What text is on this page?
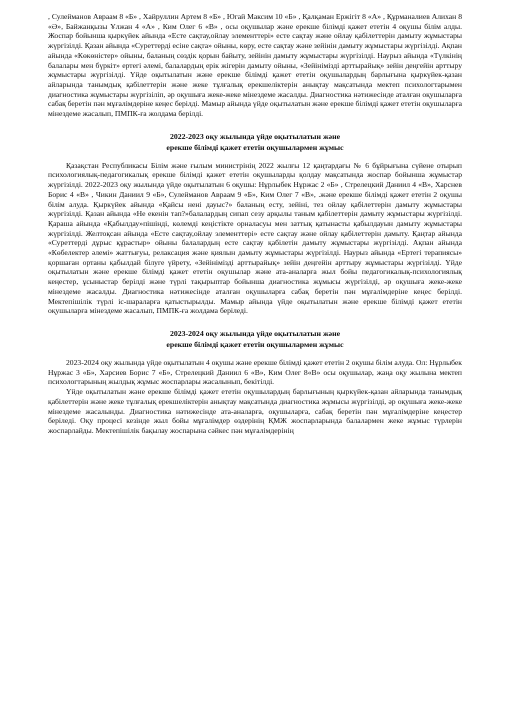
, Сулейманов Авраам 8 «Б» , Хайруллин Артем 8 «Б» , Югай Максим 10 «Б» , Қалқаман Ержігіт 8 «А» , Құрманалиев Алихан 8 «Ә», Байжанқызы Ұлжан 4 «А» , Ким Олег 6 «В» , осы оқушылар және ерекше білімді қажет ететін 4 оқушы білім алды. Жоспар бойынша қыркүйек айында «Есте сақтау,ойлау элементтері» есте сақтау және ойлау қабілеттерін дамыту жұмыстары жүргізілді. Қазан айында «Суреттерді есіне сақта» ойыны, көру, есте сақтау және зейінін дамыту жұмыстары жүргізілді. Ақпан айында «Көкөністер» ойыны, баланың сөздік қорын байыту, зейінін дамыту жұмыстары жүргізілді. Наурыз айында «Түлкінің балалары мен бүркіт» ертегі әлемі, балалардың ерік жігерін дамыту ойыны, «Зейінімізді арттырайық» зейін деңгейін арттыру жұмыстары жүргізілді. Үйде оқытылатын және ерекше білімді қажет ететін оқушылардың барлығына қыркүйек-қазан айларында танымдық қабілеттерін және жеке тұлғалық ерекшеліктерін анықтау мақсатында мектеп психологтарымен диагностика жұмыстары жүргізіліп, әр оқушыға жеке-жеке мінездеме жасалды. Диагностика нәтижесінде аталған оқушыларға сабақ беретін пән мұғалімдеріне кеңес берілді. Мамыр айында үйде оқытылатын және ерекше білімді қажет ететін оқушыларға мінездеме жасалып, ПМПК-ға жолдама берілді.

2022-2023 оқу жылында үйде оқытылатын және
ерекше білімді қажет ететін оқушылармен жұмыс

Қазақстан Республикасы Білім және ғылым министрінің 2022 жылғы 12 қаңтардағы № 6 бұйрығына сүйене отырып психологиялық-педагогикалық ерекше білімді қажет ететін оқушыларды қолдау мақсатында жоспар бойынша жұмыстар жүргізілді. 2022-2023 оқу жылында үйде оқытылатын 6 оқушы: Нұрлыбек Нұржас 2 «Б» , Стрелецкий Даниил 4 «В», Харснев Борис 4 «В» , Чикин Даниил 9 «Б», Сулейманов Авраам 9 «Б», Ким Олег 7 «В», .және ерекше білімді қажет ететін 2 оқушы білім алуда. Қыркүйек айында «Қайсы нені дауыс?» баланың есту, зейіні, тез ойлау қабілеттерін дамыту жұмыстары жүргізілді. Қазан айында «Не екенін тап?»балалардың сипап сезу арқылы таным қабілеттерін дамыту жұмыстары жүргізілді. Қараша айында «Қабылдау»пішінді, көлемді кеңістікте орналасуы мен заттық қатынасты қабылдауын дамыту жұмыстары жүргізілді. Желтоқсан айында «Есте сақтау,ойлау элементтері» есте сақтау және ойлау қабілеттерін дамыту. Қаңтар айында «Суреттерді дұрыс құрастыр» ойыны балалардың есте сақтау қабілетін дамыту жұмыстары жүргізілді. Ақпан айында «Көбелектер әлемі» жаттығуы, релаксация және қиялын дамыту жұмыстары жүргізілді. Наурыз айында «Ертегі терапиясы» қоршаған ортаны қабылдай білуге үйрету, «Зейінімізді арттырайық» зейін деңгейін арттыру жұмыстары жүргізілді. Үйде оқытылатын және ерекше білімді қажет ететін оқушылар және ата-аналарға жыл бойы педагогикалық-психологиялық кеңестер, ұсыныстар берілді және түрлі тақырыптар бойынша диагностика жұмысы жүргізілді, әр оқушыға жеке-жеке мінездеме жасалды. Диагностика нәтижесінде аталған оқушыларға сабақ беретін пән мұғалімдеріне кеңес берілді. Мектепішілік түрлі іс-шараларға қатыстырылды. Мамыр айында үйде оқытылатын және ерекше білімді қажет ететін оқушыларға мінездеме жасалып, ПМПК-ға жолдама беріледі.

2023-2024 оқу жылында үйде оқытылатын және
ерекше білімді қажет ететін оқушылармен жұмыс

2023-2024 оқу жылында үйде оқытылатын 4 оқушы және ерекше білімді қажет ететін 2 оқушы білім алуда. Ол: Нұрлыбек Нұржас 3 «Б», Харсиев Борис 7 «Б», Стрелецкий Даниил 6 «В», Ким Олег 8«В» осы оқушылар, жаңа оқу жылына мектеп психологтарының жылдық жұмыс жоспарлары жасалынып, бекітілді.

Үйде оқытылатын және ерекше білімді қажет ететін оқушылардың барлығының қыркүйек-қазан айларында танымдық қабілеттерін және жеке тұлғалық ерекшеліктерін анықтау мақсатында диагностика жұмысы жүргізілді, әр оқушыға жеке-жеке мінездеме жасалынды. Диагностика нәтижесінде ата-аналарға, оқушыларға, сабақ беретін пән мұғалімдеріне кеңестер беріледі. Оқу процесі кезінде жыл бойы мұғалімдер өздерінің ҚМЖ жоспарларында балалармен жеке жұмыс түрлерін жоспарлайды. Мектепішілік бақылау жоспарына сәйкес пән мұғалімдерінің
